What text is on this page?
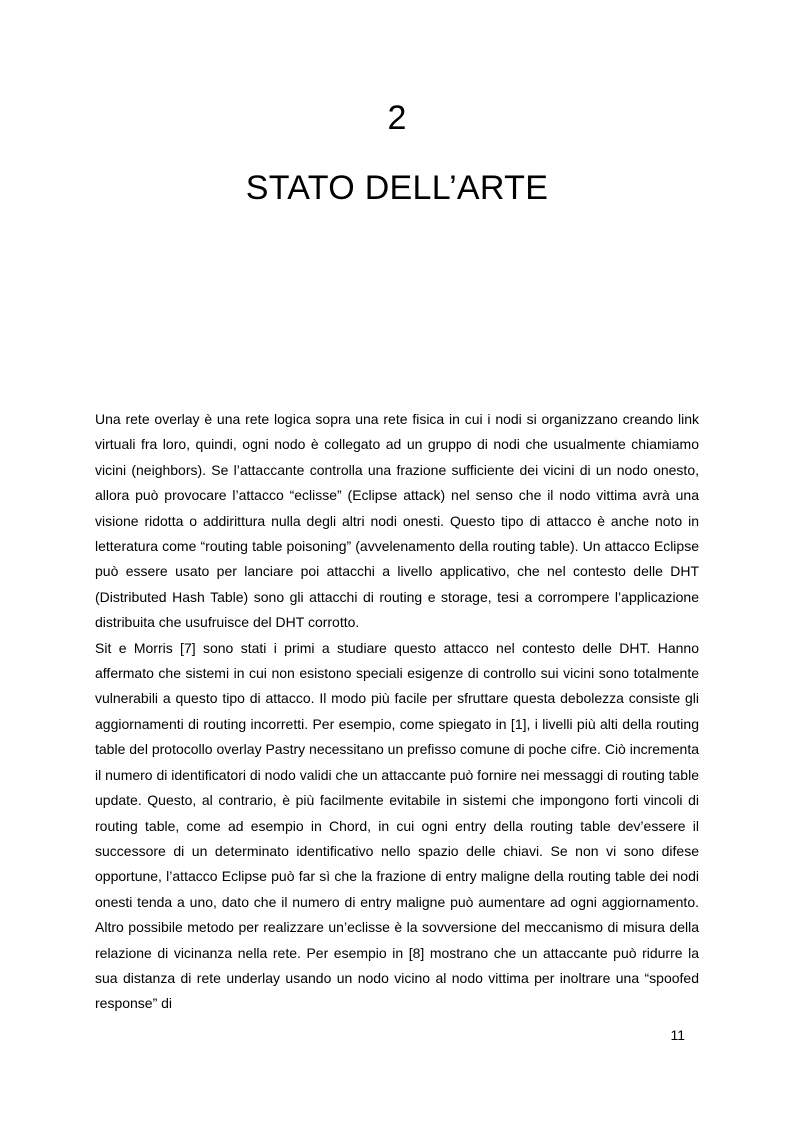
2
STATO DELL’ARTE

Una rete overlay è una rete logica sopra una rete fisica in cui i nodi si organizzano creando link virtuali fra loro, quindi, ogni nodo è collegato ad un gruppo di nodi che usualmente chiamiamo vicini (neighbors). Se l’attaccante controlla una frazione sufficiente dei vicini di un nodo onesto, allora può provocare l’attacco “eclisse” (Eclipse attack) nel senso che il nodo vittima avrà una visione ridotta o addirittura nulla degli altri nodi onesti. Questo tipo di attacco è anche noto in letteratura come “routing table poisoning” (avvelenamento della routing table). Un attacco Eclipse può essere usato per lanciare poi attacchi a livello applicativo, che nel contesto delle DHT (Distributed Hash Table) sono gli attacchi di routing e storage, tesi a corrompere l’applicazione distribuita che usufruisce del DHT corrotto.

Sit e Morris [7] sono stati i primi a studiare questo attacco nel contesto delle DHT. Hanno affermato che sistemi in cui non esistono speciali esigenze di controllo sui vicini sono totalmente vulnerabili a questo tipo di attacco. Il modo più facile per sfruttare questa debolezza consiste gli aggiornamenti di routing incorretti. Per esempio, come spiegato in [1], i livelli più alti della routing table del protocollo overlay Pastry necessitano un prefisso comune di poche cifre. Ciò incrementa il numero di identificatori di nodo validi che un attaccante può fornire nei messaggi di routing table update. Questo, al contrario, è più facilmente evitabile in sistemi che impongono forti vincoli di routing table, come ad esempio in Chord, in cui ogni entry della routing table dev’essere il successore di un determinato identificativo nello spazio delle chiavi. Se non vi sono difese opportune, l’attacco Eclipse può far sì che la frazione di entry maligne della routing table dei nodi onesti tenda a uno, dato che il numero di entry maligne può aumentare ad ogni aggiornamento. Altro possibile metodo per realizzare un’eclisse è la sovversione del meccanismo di misura della relazione di vicinanza nella rete. Per esempio in [8] mostrano che un attaccante può ridurre la sua distanza di rete underlay usando un nodo vicino al nodo vittima per inoltrare una “spoofed response” di

11
